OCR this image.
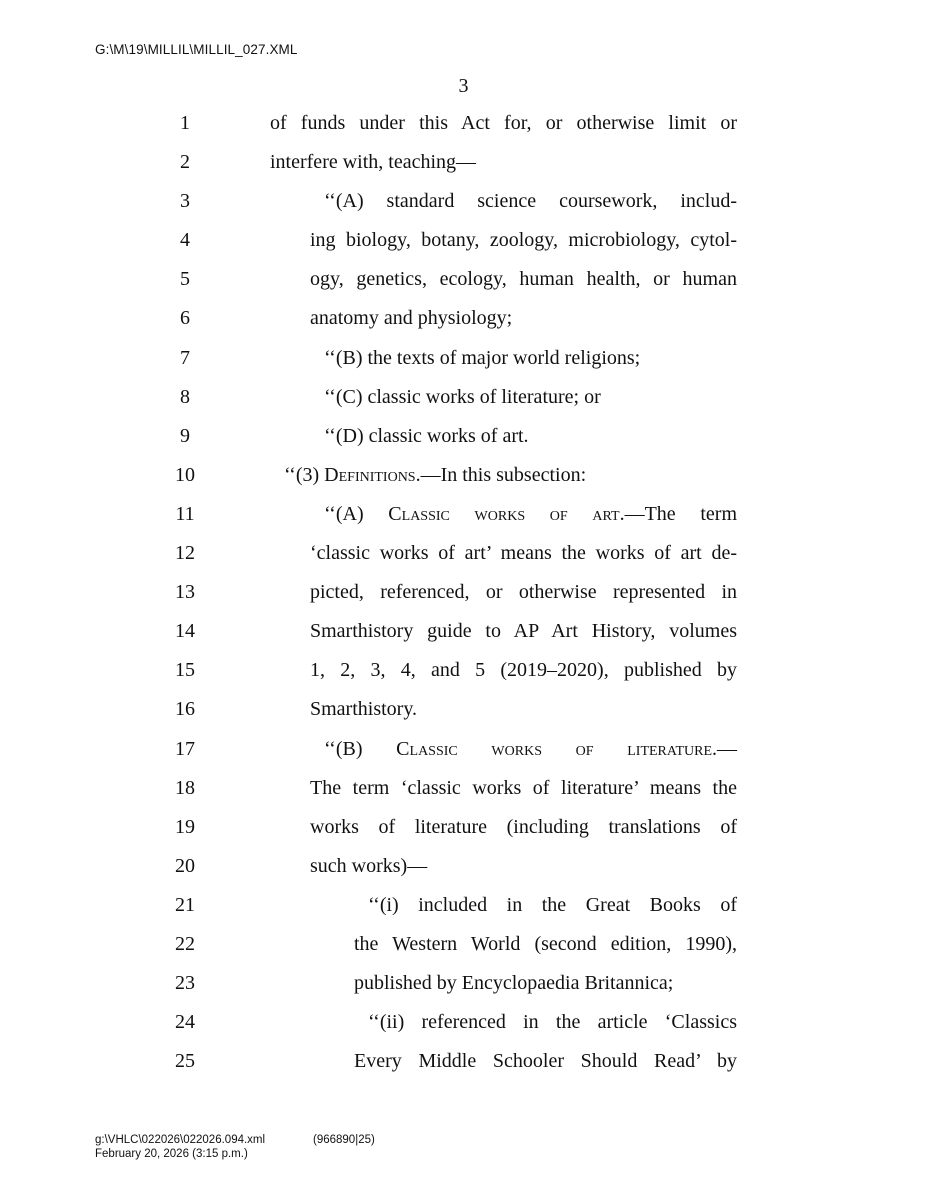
G:\M\19\MILLIL\MILLIL_027.XML
3
1	of funds under this Act for, or otherwise limit or
2	interfere with, teaching—
3	‘‘(A) standard science coursework, includ-
4	ing biology, botany, zoology, microbiology, cytol-
5	ogy, genetics, ecology, human health, or human
6	anatomy and physiology;
7	‘‘(B) the texts of major world religions;
8	‘‘(C) classic works of literature; or
9	‘‘(D) classic works of art.
10	‘‘(3) Definitions.—In this subsection:
11	‘‘(A) Classic works of art.—The term
12	‘classic works of art’ means the works of art de-
13	picted, referenced, or otherwise represented in
14	Smarthistory guide to AP Art History, volumes
15	1, 2, 3, 4, and 5 (2019–2020), published by
16	Smarthistory.
17	‘‘(B) Classic works of literature.—
18	The term ‘classic works of literature’ means the
19	works of literature (including translations of
20	such works)—
21	‘‘(i) included in the Great Books of
22	the Western World (second edition, 1990),
23	published by Encyclopaedia Britannica;
24	‘‘(ii) referenced in the article ‘Classics
25	Every Middle Schooler Should Read’ by
g:\VHLC\022026\022026.094.xml
February 20, 2026 (3:15 p.m.)
(966890|25)
